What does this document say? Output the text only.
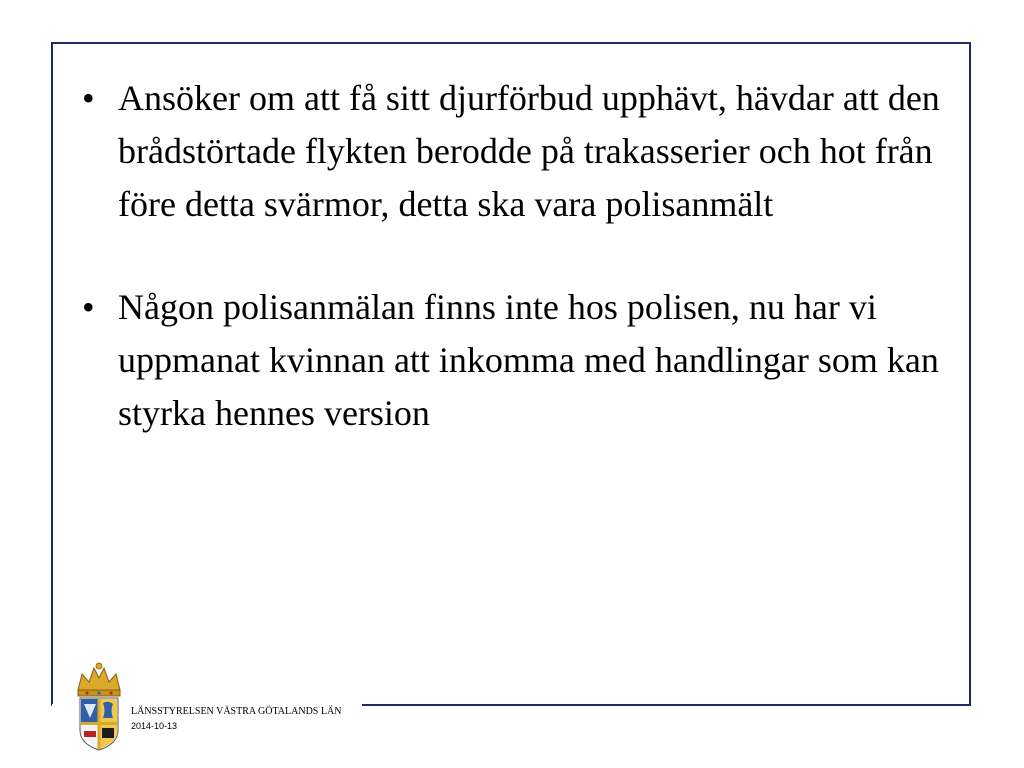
• Ansöker om att få sitt djurförbud upphävt, hävdar att den brådstörtade flykten berodde på trakasserier och hot från före detta svärmor, detta ska vara polisanmält
• Någon polisanmälan finns inte hos polisen, nu har vi uppmanat kvinnan att inkomma med handlingar som kan styrka hennes version
LÄNSSTYRELSEN VÄSTRA GÖTALANDS LÄN
2014-10-13
